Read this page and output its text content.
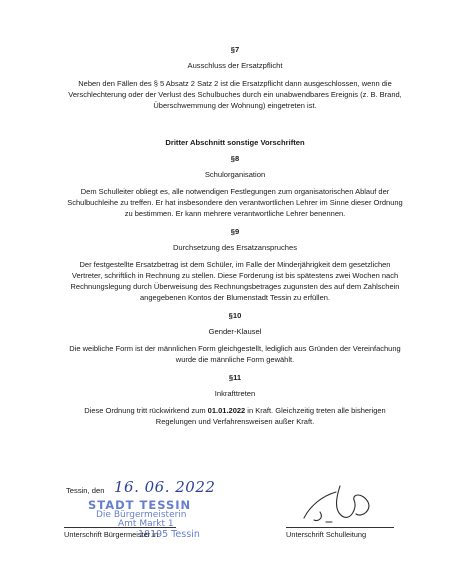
§7
Ausschluss der Ersatzpflicht
Neben den Fällen des § 5 Absatz 2 Satz 2 ist die Ersatzpflicht dann ausgeschlossen, wenn die
Verschlechterung oder der Verlust des Schulbuches durch ein unabwendbares Ereignis (z. B. Brand,
Überschwemmung der Wohnung) eingetreten ist.
Dritter Abschnitt sonstige Vorschriften
§8
Schulorganisation
Dem Schulleiter obliegt es, alle notwendigen Festlegungen zum organisatorischen Ablauf der
Schulbuchleihe zu treffen. Er hat insbesondere den verantwortlichen Lehrer im Sinne dieser Ordnung
zu bestimmen. Er kann mehrere verantwortliche Lehrer benennen.
§9
Durchsetzung des Ersatzanspruches
Der festgestellte Ersatzbetrag ist dem Schüler, im Falle der Minderjährigkeit dem gesetzlichen
Vertreter, schriftlich in Rechnung zu stellen. Diese Forderung ist bis spätestens zwei Wochen nach
Rechnungslegung durch Überweisung des Rechnungsbetrages zugunsten des auf dem Zahlschein
angegebenen Kontos der Blumenstadt Tessin zu erfüllen.
§10
Gender-Klausel
Die weibliche Form ist der männlichen Form gleichgestellt, lediglich aus Gründen der Vereinfachung
wurde die männliche Form gewählt.
§11
Inkrafttreten
Diese Ordnung tritt rückwirkend zum 01.01.2022 in Kraft. Gleichzeitig treten alle bisherigen
Regelungen und Verfahrensweisen außer Kraft.
Tessin, den 16. 06. 2022
STADT TESSIN
Die Bürgermeisterin
Amt Markt 1
18195 Tessin
Unterschrift Bürgermeister in	Unterschrift Schulleitung
